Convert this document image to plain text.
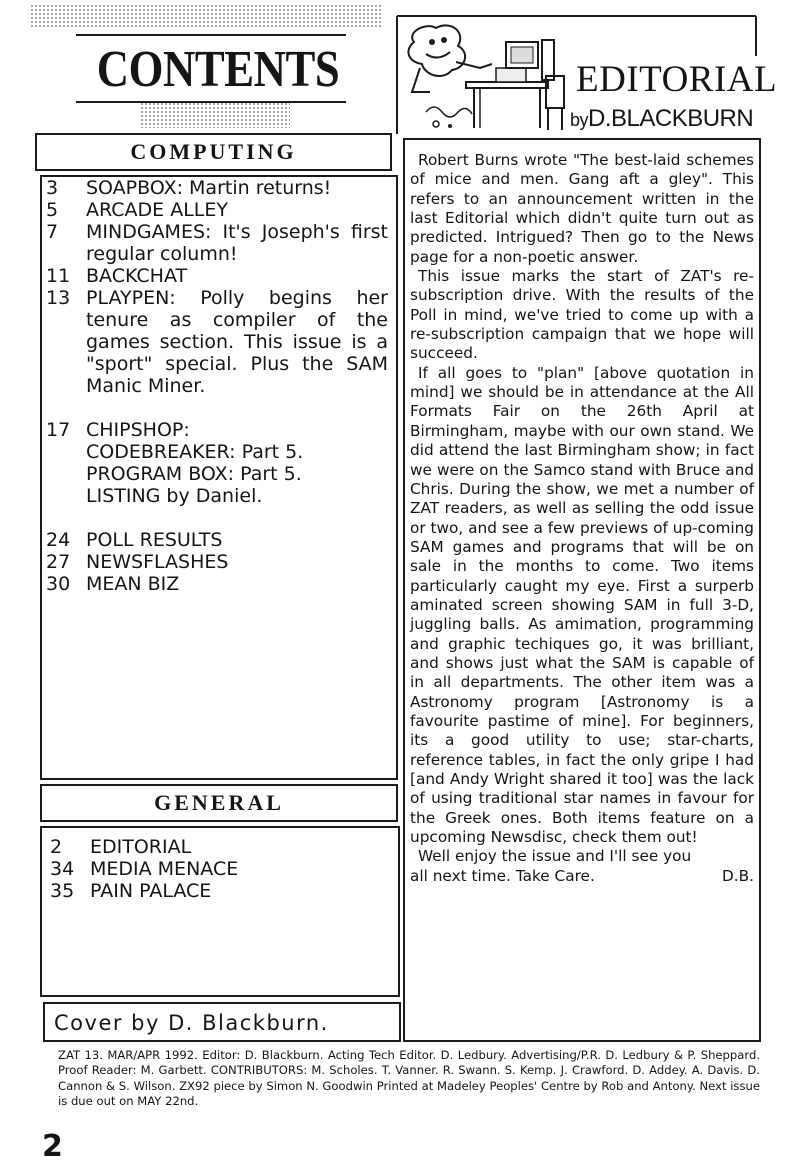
CONTENTS	EDITORIAL
byD.BLACKBURN
COMPUTING
3	SOAPBOX: Martin returns!
5	ARCADE ALLEY
7	MINDGAMES: It's Joseph's first regular column!
11 BACKCHAT
13 PLAYPEN: Polly begins her tenure as compiler of the games section. This issue is a "sport" special. Plus the SAM Manic Miner.
17 CHIPSHOP:
CODEBREAKER: Part 5.
PROGRAM BOX: Part 5.
LISTING by Daniel.
24 POLL RESULTS
27 NEWSFLASHES
30 MEAN BIZ
GENERAL
2	EDITORIAL
34 MEDIA MENACE
35 PAIN PALACE
Cover by D. Blackburn.

Robert Burns wrote "The best-laid schemes of mice and men. Gang aft a gley". This refers to an announcement written in the last Editorial which didn't quite turn out as predicted. Intrigued? Then go to the News page for a non-poetic answer.

This issue marks the start of ZAT's re-subscription drive. With the results of the Poll in mind, we've tried to come up with a re-subscription campaign that we hope will succeed.

If all goes to "plan" [above quotation in mind] we should be in attendance at the All Formats Fair on the 26th April at Birmingham, maybe with our own stand. We did attend the last Birmingham show; in fact we were on the Samco stand with Bruce and Chris. During the show, we met a number of ZAT readers, as well as selling the odd issue or two, and see a few previews of up-coming SAM games and programs that will be on sale in the months to come. Two items particularly caught my eye. First a surperb aminated screen showing SAM in full 3-D, juggling balls. As amimation, programming and graphic techiques go, it was brilliant, and shows just what the SAM is capable of in all departments. The other item was a Astronomy program [Astronomy is a favourite pastime of mine]. For beginners, its a good utility to use; star-charts, reference tables, in fact the only gripe I had [and Andy Wright shared it too] was the lack of using traditional star names in favour for the Greek ones. Both items feature on a upcoming Newsdisc, check them out!

Well enjoy the issue and I'll see you

all next time. Take Care.	D.B.
ZAT 13. MAR/APR 1992. Editor: D. Blackburn. Acting Tech Editor. D. Ledbury. Advertising/P.R. D. Ledbury & P. Sheppard. Proof Reader: M. Garbett. CONTRIBUTORS: M. Scholes. T. Vanner. R. Swann. S. Kemp. J. Crawford. D. Addey. A. Davis. D. Cannon & S. Wilson. ZX92 piece by Simon N. Goodwin Printed at Madeley Peoples' Centre by Rob and Antony. Next issue is due out on MAY 22nd.
2
